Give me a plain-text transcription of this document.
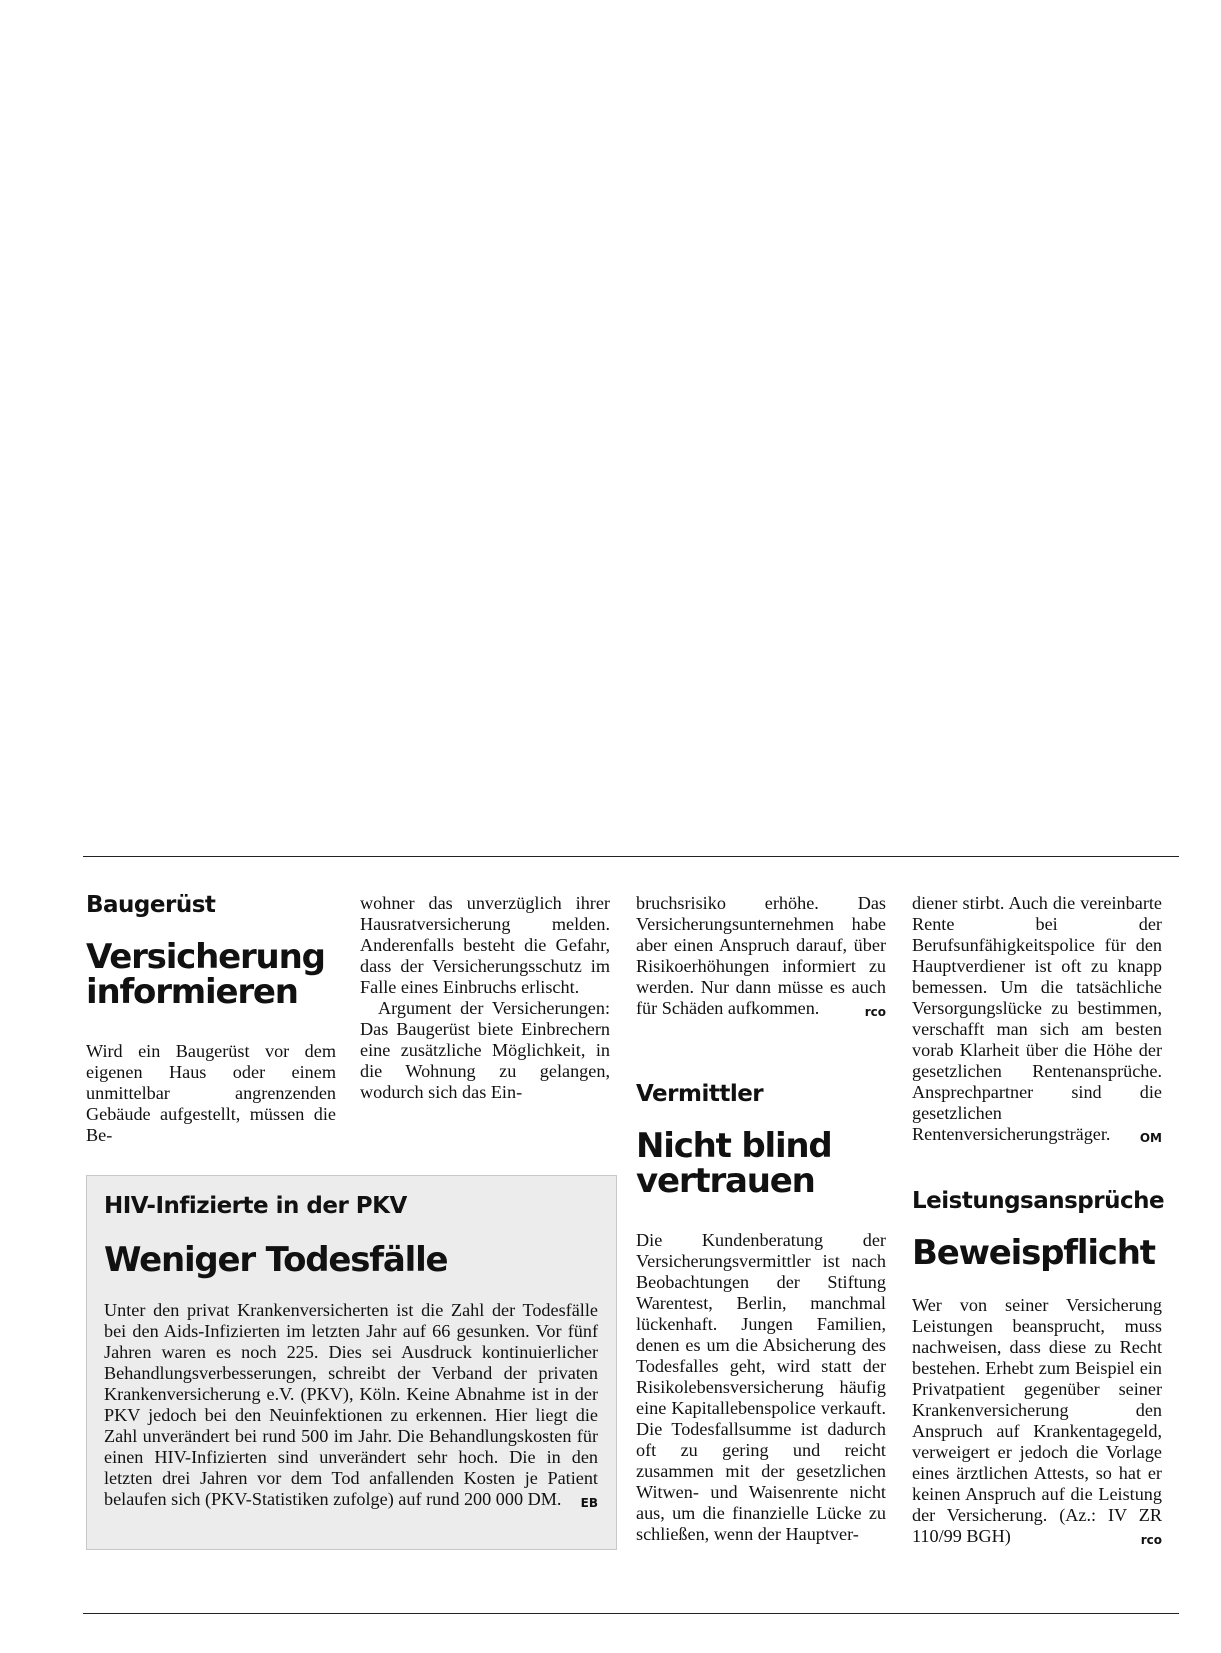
Baugerüst

Versicherung informieren

Wird ein Baugerüst vor dem eigenen Haus oder einem unmittelbar angrenzenden Gebäude aufgestellt, müssen die Be-

wohner das unverzüglich ihrer Hausratversicherung melden. Anderenfalls besteht die Gefahr, dass der Versicherungsschutz im Falle eines Einbruchs erlischt.
Argument der Versicherungen: Das Baugerüst biete Einbrechern eine zusätzliche Möglichkeit, in die Wohnung zu gelangen, wodurch sich das Ein-

bruchsrisiko erhöhe. Das Versicherungsunternehmen habe aber einen Anspruch darauf, über Risikoerhöhungen informiert zu werden. Nur dann müsse es auch für Schäden aufkommen.	rco

HIV-Infizierte in der PKV

Weniger Todesfälle

Unter den privat Krankenversicherten ist die Zahl der Todesfälle bei den Aids-Infizierten im letzten Jahr auf 66 gesunken. Vor fünf Jahren waren es noch 225. Dies sei Ausdruck kontinuierlicher Behandlungsverbesserungen, schreibt der Verband der privaten Krankenversicherung e.V. (PKV), Köln. Keine Abnahme ist in der PKV jedoch bei den Neuinfektionen zu erkennen. Hier liegt die Zahl unverändert bei rund 500 im Jahr. Die Behandlungskosten für einen HIV-Infizierten sind unverändert sehr hoch. Die in den letzten drei Jahren vor dem Tod anfallenden Kosten je Patient belaufen sich (PKV-Statistiken zufolge) auf rund 200 000 DM. EB

Vermittler

Nicht blind vertrauen

Die Kundenberatung der Versicherungsvermittler ist nach Beobachtungen der Stiftung Warentest, Berlin, manchmal lückenhaft. Jungen Familien, denen es um die Absicherung des Todesfalles geht, wird statt der Risikolebensversicherung häufig eine Kapitallebenspolice verkauft. Die Todesfallsumme ist dadurch oft zu gering und reicht zusammen mit der gesetzlichen Witwen- und Waisenrente nicht aus, um die finanzielle Lücke zu schließen, wenn der Hauptver-

diener stirbt. Auch die vereinbarte Rente bei der Berufsunfähigkeitspolice für den Hauptverdiener ist oft zu knapp bemessen. Um die tatsächliche Versorgungslücke zu bestimmen, verschafft man sich am besten vorab Klarheit über die Höhe der gesetzlichen Rentenansprüche. Ansprechpartner sind die gesetzlichen Rentenversicherungsträger. OM

Leistungsansprüche

Beweispflicht

Wer von seiner Versicherung Leistungen beansprucht, muss nachweisen, dass diese zu Recht bestehen. Erhebt zum Beispiel ein Privatpatient gegenüber seiner Krankenversicherung den Anspruch auf Krankentagegeld, verweigert er jedoch die Vorlage eines ärztlichen Attests, so hat er keinen Anspruch auf die Leistung der Versicherung. (Az.: IV ZR 110/99 BGH)	rco
